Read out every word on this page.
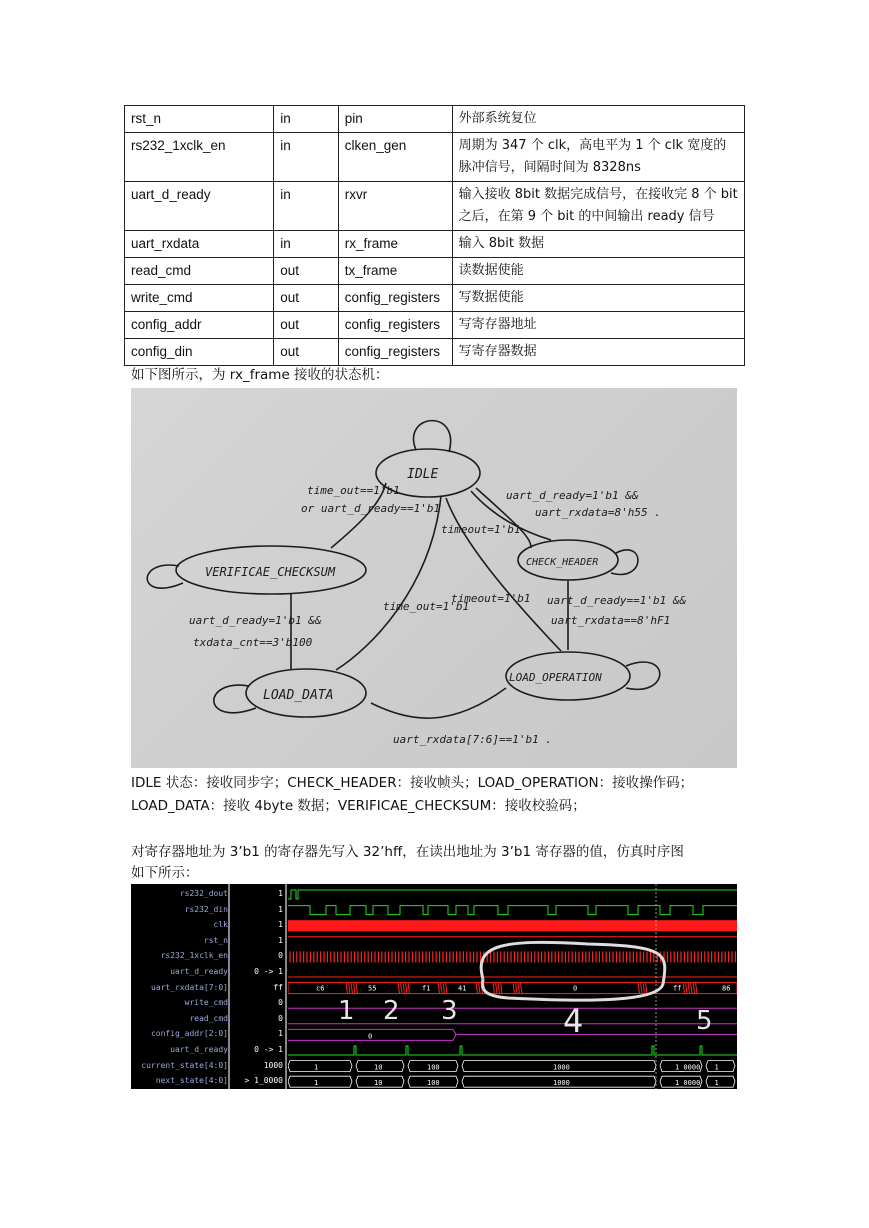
rst_n	in	pin	外部系统复位
rs232_1xclk_en	in	clken_gen	周期为 347 个 clk，高电平为 1 个 clk 宽度的脉冲信号，间隔时间为 8328ns
uart_d_ready	in	rxvr	输入接收 8bit 数据完成信号，在接收完 8 个 bit 之后，在第 9 个 bit 的中间输出 ready 信号
uart_rxdata	in	rx_frame	输入 8bit 数据
read_cmd	out	tx_frame	读数据使能
write_cmd	out	config_registers	写数据使能
config_addr	out	config_registers	写寄存器地址
config_din	out	config_registers	写寄存器数据
如下图所示，为 rx_frame 接收的状态机：
IDLE
CHECK_HEADER
LOAD_OPERATION
LOAD_DATA
VERIFICAE_CHECKSUM
time_out==1'b1
or uart_d_ready==1'b1
uart_d_ready=1'b1 &&
uart_rxdata=8'h55 .
timeout=1'b1
time_out=1'b1
timeout=1'b1
uart_d_ready=1'b1 &&
txdata_cnt==3'b100
uart_d_ready==1'b1 &&
uart_rxdata==8'hF1
uart_rxdata[7:6]==1'b1 .
IDLE 状态：接收同步字；CHECK_HEADER：接收帧头；LOAD_OPERATION：接收操作码；
LOAD_DATA：接收 4byte 数据；VERIFICAE_CHECKSUM：接收校验码；
对寄存器地址为 3’b1 的寄存器先写入 32’hff，在读出地址为 3’b1 寄存器的值，仿真时序图
如下所示：
rs232_dout	1
rs232_din	1
clk	1
rst_n	1
rs232_1xclk_en	0
uart_d_ready	0 -> 1
uart_rxdata[7:0]	ff
write_cmd	0
read_cmd	0
config_addr[2:0]	1
uart_d_ready	0 -> 1
current_state[4:0]	1000
next_state[4:0]	> 1_0000
c6	55	f1	41	0	ff	86
0
1	10	100	1000	1_0000 1
1	10	100	1000	1_0000 1
1 2 3	4	5
